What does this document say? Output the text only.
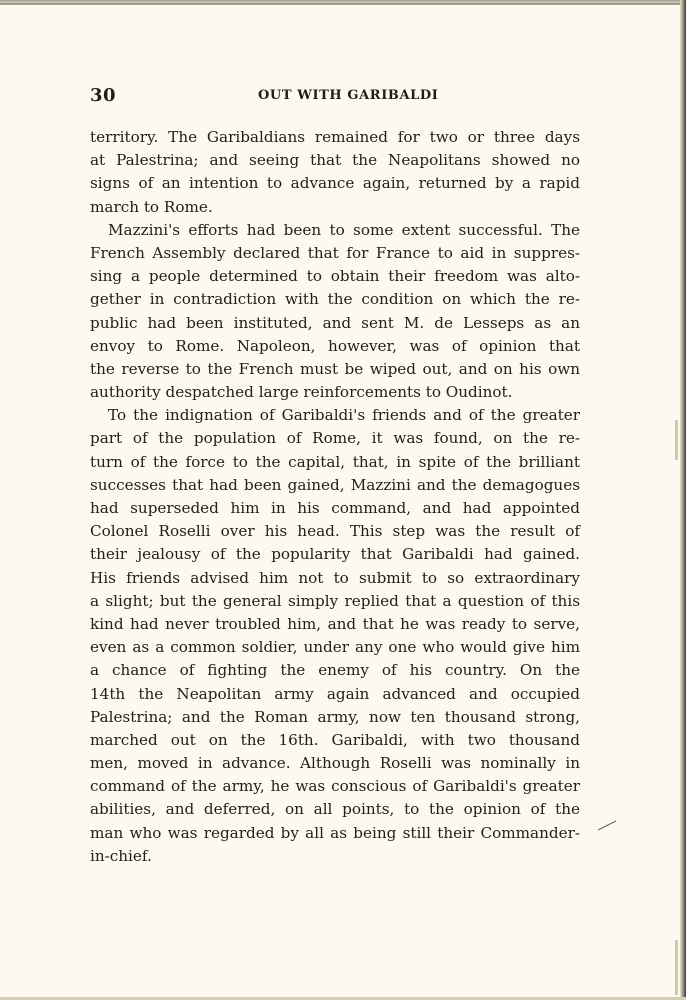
30	OUT WITH GARIBALDI
territory. The Garibaldians remained for two or three days
at Palestrina; and seeing that the Neapolitans showed no
signs of an intention to advance again, returned by a rapid
march to Rome.
Mazzini's efforts had been to some extent successful. The
French Assembly declared that for France to aid in suppres-
sing a people determined to obtain their freedom was alto-
gether in contradiction with the condition on which the re-
public had been instituted, and sent M. de Lesseps as an
envoy to Rome. Napoleon, however, was of opinion that
the reverse to the French must be wiped out, and on his own
authority despatched large reinforcements to Oudinot.
To the indignation of Garibaldi's friends and of the greater
part of the population of Rome, it was found, on the re-
turn of the force to the capital, that, in spite of the brilliant
successes that had been gained, Mazzini and the demagogues
had superseded him in his command, and had appointed
Colonel Roselli over his head. This step was the result of
their jealousy of the popularity that Garibaldi had gained.
His friends advised him not to submit to so extraordinary
a slight; but the general simply replied that a question of this
kind had never troubled him, and that he was ready to serve,
even as a common soldier, under any one who would give him
a chance of fighting the enemy of his country. On the
14th the Neapolitan army again advanced and occupied
Palestrina; and the Roman army, now ten thousand strong,
marched out on the 16th. Garibaldi, with two thousand
men, moved in advance. Although Roselli was nominally in
command of the army, he was conscious of Garibaldi's greater
abilities, and deferred, on all points, to the opinion of the
man who was regarded by all as being still their Commander-
in-chief.
